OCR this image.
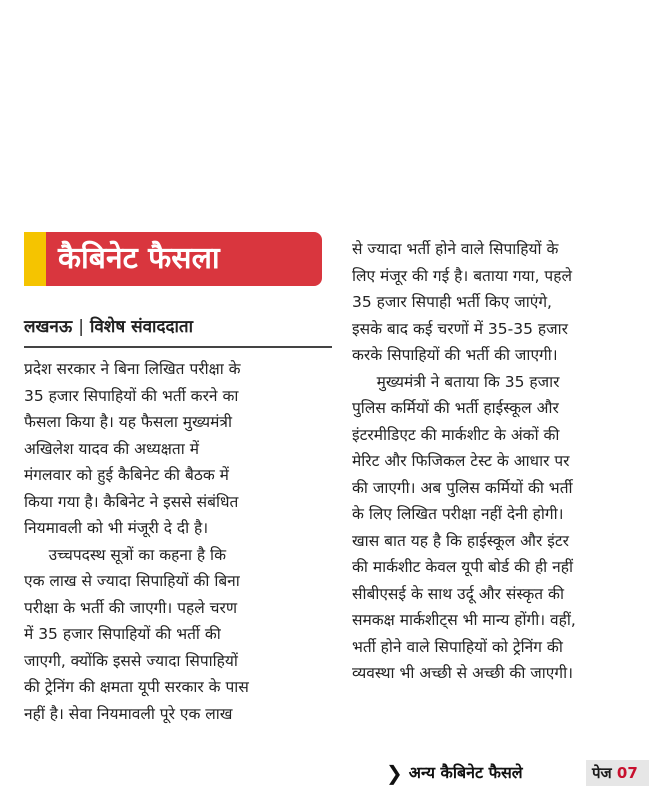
कैबिनेट फैसला
लखनऊ | विशेष संवाददाता
प्रदेश सरकार ने बिना लिखित परीक्षा के
35 हजार सिपाहियों की भर्ती करने का
फैसला किया है। यह फैसला मुख्यमंत्री
अखिलेश यादव की अध्यक्षता में
मंगलवार को हुई कैबिनेट की बैठक में
किया गया है। कैबिनेट ने इससे संबंधित
नियमावली को भी मंजूरी दे दी है।
उच्चपदस्थ सूत्रों का कहना है कि
एक लाख से ज्यादा सिपाहियों की बिना
परीक्षा के भर्ती की जाएगी। पहले चरण
में 35 हजार सिपाहियों की भर्ती की
जाएगी, क्योंकि इससे ज्यादा सिपाहियों
की ट्रेनिंग की क्षमता यूपी सरकार के पास
नहीं है। सेवा नियमावली पूरे एक लाख
से ज्यादा भर्ती होने वाले सिपाहियों के
लिए मंजूर की गई है। बताया गया, पहले
35 हजार सिपाही भर्ती किए जाएंगे,
इसके बाद कई चरणों में 35-35 हजार
करके सिपाहियों की भर्ती की जाएगी।
मुख्यमंत्री ने बताया कि 35 हजार
पुलिस कर्मियों की भर्ती हाईस्कूल और
इंटरमीडिएट की मार्कशीट के अंकों की
मेरिट और फिजिकल टेस्ट के आधार पर
की जाएगी। अब पुलिस कर्मियों की भर्ती
के लिए लिखित परीक्षा नहीं देनी होगी।
खास बात यह है कि हाईस्कूल और इंटर
की मार्कशीट केवल यूपी बोर्ड की ही नहीं
सीबीएसई के साथ उर्दू और संस्कृत की
समकक्ष मार्कशीट्स भी मान्य होंगी। वहीं,
भर्ती होने वाले सिपाहियों को ट्रेनिंग की
व्यवस्था भी अच्छी से अच्छी की जाएगी।
❯ अन्य कैबिनेट फैसले	पेज 07
